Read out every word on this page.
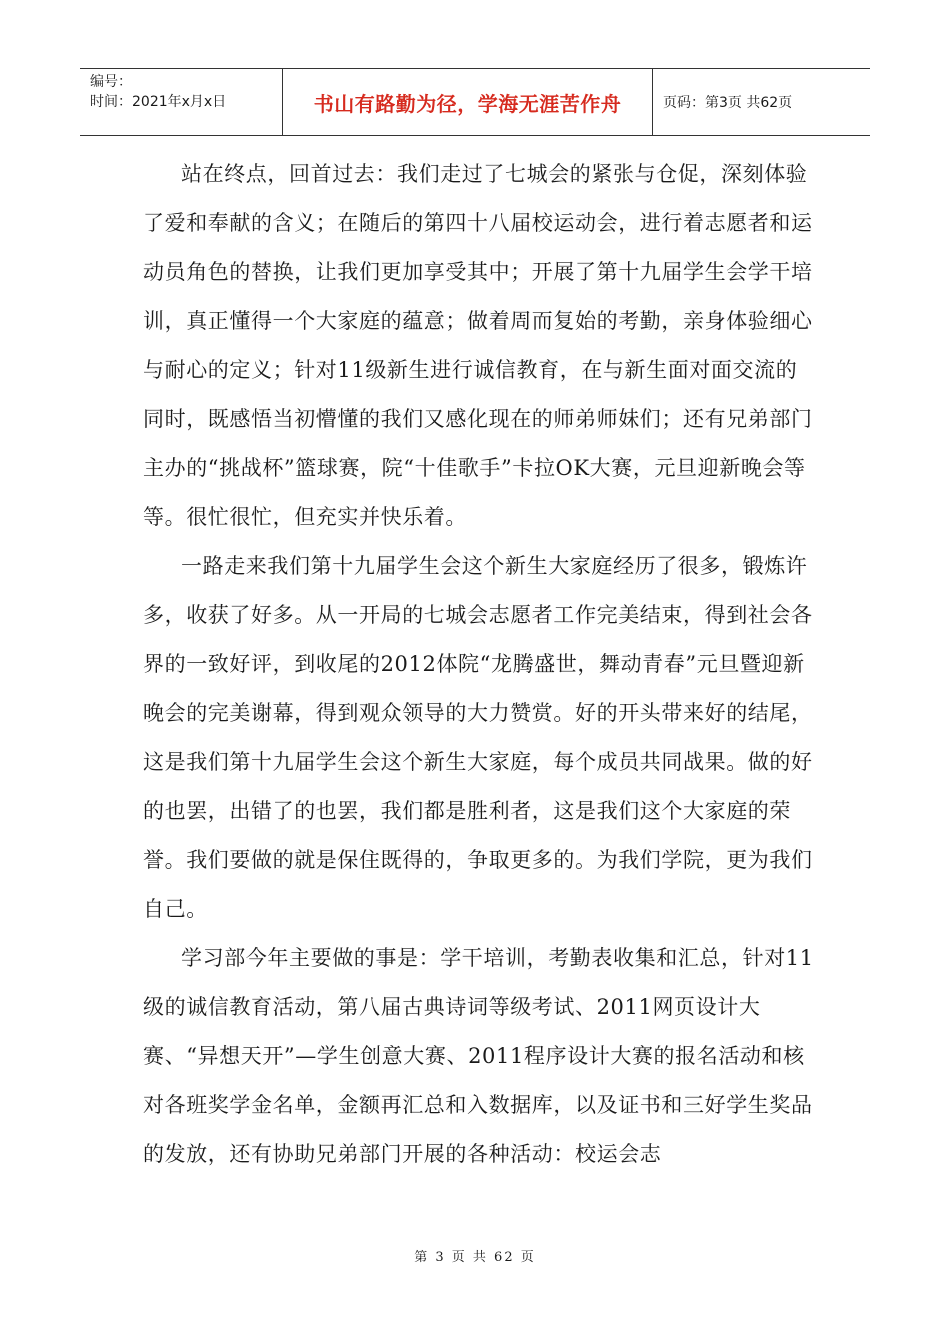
编号：
时间：2021年x月x日	书山有路勤为径，学海无涯苦作舟	页码：第3页 共62页

站在终点，回首过去：我们走过了七城会的紧张与仓促，深刻体验了爱和奉献的含义；在随后的第四十八届校运动会，进行着志愿者和运动员角色的替换，让我们更加享受其中；开展了第十九届学生会学干培训，真正懂得一个大家庭的蕴意；做着周而复始的考勤，亲身体验细心与耐心的定义；针对11级新生进行诚信教育，在与新生面对面交流的同时，既感悟当初懵懂的我们又感化现在的师弟师妹们；还有兄弟部门主办的“挑战杯”篮球赛，院“十佳歌手”卡拉OK大赛，元旦迎新晚会等等。很忙很忙，但充实并快乐着。

一路走来我们第十九届学生会这个新生大家庭经历了很多，锻炼许多，收获了好多。从一开局的七城会志愿者工作完美结束，得到社会各界的一致好评，到收尾的2012体院“龙腾盛世，舞动青春”元旦暨迎新晚会的完美谢幕，得到观众领导的大力赞赏。好的开头带来好的结尾，这是我们第十九届学生会这个新生大家庭，每个成员共同战果。做的好的也罢，出错了的也罢，我们都是胜利者，这是我们这个大家庭的荣誉。我们要做的就是保住既得的，争取更多的。为我们学院，更为我们自己。

学习部今年主要做的事是：学干培训，考勤表收集和汇总，针对11级的诚信教育活动，第八届古典诗词等级考试、2011网页设计大赛、“异想天开”—学生创意大赛、2011程序设计大赛的报名活动和核对各班奖学金名单，金额再汇总和入数据库，以及证书和三好学生奖品的发放，还有协助兄弟部门开展的各种活动：校运会志

第 3 页 共 62 页
